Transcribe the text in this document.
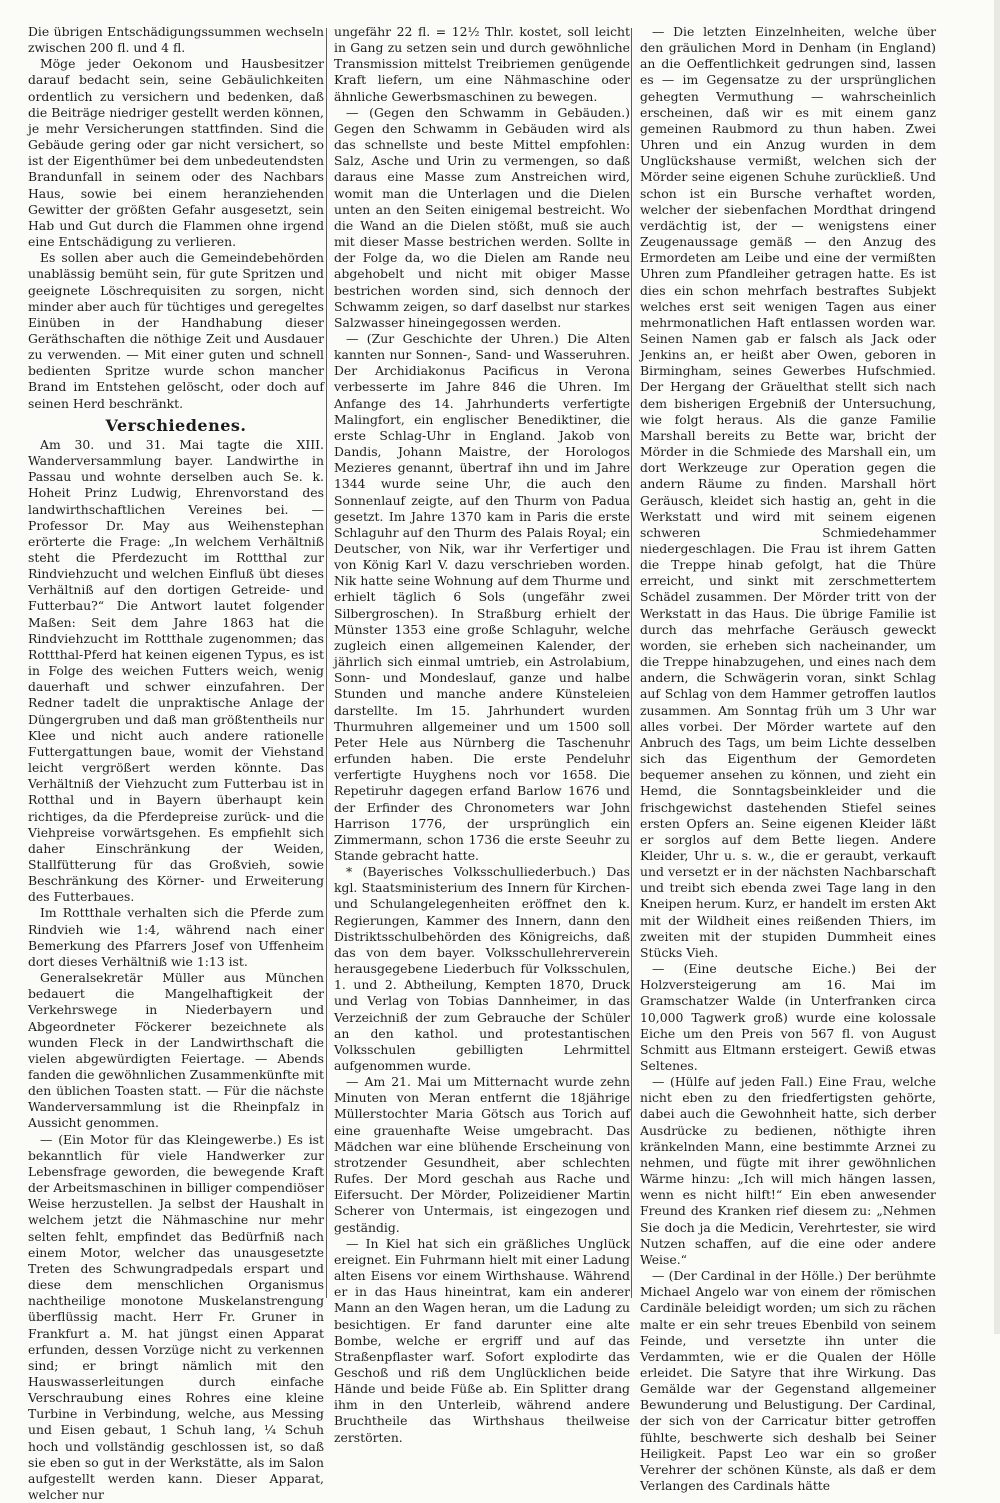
Die übrigen Entschädigungssummen wechseln zwischen 200 fl. und 4 fl.

Möge jeder Oekonom und Hausbesitzer darauf bedacht sein, seine Gebäulichkeiten ordentlich zu versichern und bedenken, daß die Beiträge niedriger gestellt werden können, je mehr Versicherungen stattfinden. Sind die Gebäude gering oder gar nicht versichert, so ist der Eigenthümer bei dem unbedeutendsten Brandunfall in seinem oder des Nachbars Haus, sowie bei einem heranziehenden Gewitter der größten Gefahr ausgesetzt, sein Hab und Gut durch die Flammen ohne irgend eine Entschädigung zu verlieren.

Es sollen aber auch die Gemeindebehörden unablässig bemüht sein, für gute Spritzen und geeignete Löschrequisiten zu sorgen, nicht minder aber auch für tüchtiges und geregeltes Einüben in der Handhabung dieser Geräthschaften die nöthige Zeit und Ausdauer zu verwenden. — Mit einer guten und schnell bedienten Spritze wurde schon mancher Brand im Entstehen gelöscht, oder doch auf seinen Herd beschränkt.

Verschiedenes.

Am 30. und 31. Mai tagte die XIII. Wanderversammlung bayer. Landwirthe in Passau und wohnte derselben auch Se. k. Hoheit Prinz Ludwig, Ehrenvorstand des landwirthschaftlichen Vereines bei. — Professor Dr. May aus Weihenstephan erörterte die Frage: „In welchem Verhältniß steht die Pferdezucht im Rottthal zur Rindviehzucht und welchen Einfluß übt dieses Verhältniß auf den dortigen Getreide- und Futterbau?“ Die Antwort lautet folgender Maßen: Seit dem Jahre 1863 hat die Rindviehzucht im Rottthale zugenommen; das Rottthal-Pferd hat keinen eigenen Typus, es ist in Folge des weichen Futters weich, wenig dauerhaft und schwer einzufahren. Der Redner tadelt die unpraktische Anlage der Düngergruben und daß man größtentheils nur Klee und nicht auch andere rationelle Futtergattungen baue, womit der Viehstand leicht vergrößert werden könnte. Das Verhältniß der Viehzucht zum Futterbau ist in Rotthal und in Bayern überhaupt kein richtiges, da die Pferdepreise zurück- und die Viehpreise vorwärtsgehen. Es empfiehlt sich daher Einschränkung der Weiden, Stallfütterung für das Großvieh, sowie Beschränkung des Körner- und Erweiterung des Futterbaues.

Im Rottthale verhalten sich die Pferde zum Rindvieh wie 1:4, während nach einer Bemerkung des Pfarrers Josef von Uffenheim dort dieses Verhältniß wie 1:13 ist.

Generalsekretär Müller aus München bedauert die Mangelhaftigkeit der Verkehrswege in Niederbayern und Abgeordneter Föckerer bezeichnete als wunden Fleck in der Landwirthschaft die vielen abgewürdigten Feiertage. — Abends fanden die gewöhnlichen Zusammenkünfte mit den üblichen Toasten statt. — Für die nächste Wanderversammlung ist die Rheinpfalz in Aussicht genommen.

— (Ein Motor für das Kleingewerbe.) Es ist bekanntlich für viele Handwerker zur Lebensfrage geworden, die bewegende Kraft der Arbeitsmaschinen in billiger compendiöser Weise herzustellen. Ja selbst der Haushalt in welchem jetzt die Nähmaschine nur mehr selten fehlt, empfindet das Bedürfniß nach einem Motor, welcher das unausgesetzte Treten des Schwungradpedals erspart und diese dem menschlichen Organismus nachtheilige monotone Muskelanstrengung überflüssig macht. Herr Fr. Gruner in Frankfurt a. M. hat jüngst einen Apparat erfunden, dessen Vorzüge nicht zu verkennen sind; er bringt nämlich mit den Hauswasserleitungen durch einfache Verschraubung eines Rohres eine kleine Turbine in Verbindung, welche, aus Messing und Eisen gebaut, 1 Schuh lang, ¼ Schuh hoch und vollständig geschlossen ist, so daß sie eben so gut in der Werkstätte, als im Salon aufgestellt werden kann. Dieser Apparat, welcher nur

ungefähr 22 fl. = 12½ Thlr. kostet, soll leicht in Gang zu setzen sein und durch gewöhnliche Transmission mittelst Treibriemen genügende Kraft liefern, um eine Nähmaschine oder ähnliche Gewerbsmaschinen zu bewegen.

— (Gegen den Schwamm in Gebäuden.) Gegen den Schwamm in Gebäuden wird als das schnellste und beste Mittel empfohlen: Salz, Asche und Urin zu vermengen, so daß daraus eine Masse zum Anstreichen wird, womit man die Unterlagen und die Dielen unten an den Seiten einigemal bestreicht. Wo die Wand an die Dielen stößt, muß sie auch mit dieser Masse bestrichen werden. Sollte in der Folge da, wo die Dielen am Rande neu abgehobelt und nicht mit obiger Masse bestrichen worden sind, sich dennoch der Schwamm zeigen, so darf daselbst nur starkes Salzwasser hineingegossen werden.

— (Zur Geschichte der Uhren.) Die Alten kannten nur Sonnen-, Sand- und Wasseruhren. Der Archidiakonus Pacificus in Verona verbesserte im Jahre 846 die Uhren. Im Anfange des 14. Jahrhunderts verfertigte Malingfort, ein englischer Benediktiner, die erste Schlag-Uhr in England. Jakob von Dandis, Johann Maistre, der Horologos Mezieres genannt, übertraf ihn und im Jahre 1344 wurde seine Uhr, die auch den Sonnenlauf zeigte, auf den Thurm von Padua gesetzt. Im Jahre 1370 kam in Paris die erste Schlaguhr auf den Thurm des Palais Royal; ein Deutscher, von Nik, war ihr Verfertiger und von König Karl V. dazu verschrieben worden. Nik hatte seine Wohnung auf dem Thurme und erhielt täglich 6 Sols (ungefähr zwei Silbergroschen). In Straßburg erhielt der Münster 1353 eine große Schlaguhr, welche zugleich einen allgemeinen Kalender, der jährlich sich einmal umtrieb, ein Astrolabium, Sonn- und Mondeslauf, ganze und halbe Stunden und manche andere Künsteleien darstellte. Im 15. Jahrhundert wurden Thurmuhren allgemeiner und um 1500 soll Peter Hele aus Nürnberg die Taschenuhr erfunden haben. Die erste Pendeluhr verfertigte Huyghens noch vor 1658. Die Repetiruhr dagegen erfand Barlow 1676 und der Erfinder des Chronometers war John Harrison 1776, der ursprünglich ein Zimmermann, schon 1736 die erste Seeuhr zu Stande gebracht hatte.

* (Bayerisches Volksschulliederbuch.) Das kgl. Staatsministerium des Innern für Kirchen- und Schulangelegenheiten eröffnet den k. Regierungen, Kammer des Innern, dann den Distriktsschulbehörden des Königreichs, daß das von dem bayer. Volksschullehrerverein herausgegebene Liederbuch für Volksschulen, 1. und 2. Abtheilung, Kempten 1870, Druck und Verlag von Tobias Dannheimer, in das Verzeichniß der zum Gebrauche der Schüler an den kathol. und protestantischen Volksschulen gebilligten Lehrmittel aufgenommen wurde.

— Am 21. Mai um Mitternacht wurde zehn Minuten von Meran entfernt die 18jährige Müllerstochter Maria Götsch aus Torich auf eine grauenhafte Weise umgebracht. Das Mädchen war eine blühende Erscheinung von strotzender Gesundheit, aber schlechten Rufes. Der Mord geschah aus Rache und Eifersucht. Der Mörder, Polizeidiener Martin Scherer von Untermais, ist eingezogen und geständig.

— In Kiel hat sich ein gräßliches Unglück ereignet. Ein Fuhrmann hielt mit einer Ladung alten Eisens vor einem Wirthshause. Während er in das Haus hineintrat, kam ein anderer Mann an den Wagen heran, um die Ladung zu besichtigen. Er fand darunter eine alte Bombe, welche er ergriff und auf das Straßenpflaster warf. Sofort explodirte das Geschoß und riß dem Unglücklichen beide Hände und beide Füße ab. Ein Splitter drang ihm in den Unterleib, während andere Bruchtheile das Wirthshaus theilweise zerstörten.

— Die letzten Einzelnheiten, welche über den gräulichen Mord in Denham (in England) an die Oeffentlichkeit gedrungen sind, lassen es — im Gegensatze zu der ursprünglichen gehegten Vermuthung — wahrscheinlich erscheinen, daß wir es mit einem ganz gemeinen Raubmord zu thun haben. Zwei Uhren und ein Anzug wurden in dem Unglückshause vermißt, welchen sich der Mörder seine eigenen Schuhe zurückließ. Und schon ist ein Bursche verhaftet worden, welcher der siebenfachen Mordthat dringend verdächtig ist, der — wenigstens einer Zeugenaussage gemäß — den Anzug des Ermordeten am Leibe und eine der vermißten Uhren zum Pfandleiher getragen hatte. Es ist dies ein schon mehrfach bestraftes Subjekt welches erst seit wenigen Tagen aus einer mehrmonatlichen Haft entlassen worden war. Seinen Namen gab er falsch als Jack oder Jenkins an, er heißt aber Owen, geboren in Birmingham, seines Gewerbes Hufschmied. Der Hergang der Gräuelthat stellt sich nach dem bisherigen Ergebniß der Untersuchung, wie folgt heraus. Als die ganze Familie Marshall bereits zu Bette war, bricht der Mörder in die Schmiede des Marshall ein, um dort Werkzeuge zur Operation gegen die andern Räume zu finden. Marshall hört Geräusch, kleidet sich hastig an, geht in die Werkstatt und wird mit seinem eigenen schweren Schmiedehammer niedergeschlagen. Die Frau ist ihrem Gatten die Treppe hinab gefolgt, hat die Thüre erreicht, und sinkt mit zerschmettertem Schädel zusammen. Der Mörder tritt von der Werkstatt in das Haus. Die übrige Familie ist durch das mehrfache Geräusch geweckt worden, sie erheben sich nacheinander, um die Treppe hinabzugehen, und eines nach dem andern, die Schwägerin voran, sinkt Schlag auf Schlag von dem Hammer getroffen lautlos zusammen. Am Sonntag früh um 3 Uhr war alles vorbei. Der Mörder wartete auf den Anbruch des Tags, um beim Lichte desselben sich das Eigenthum der Gemordeten bequemer ansehen zu können, und zieht ein Hemd, die Sonntagsbeinkleider und die frischgewichst dastehenden Stiefel seines ersten Opfers an. Seine eigenen Kleider läßt er sorglos auf dem Bette liegen. Andere Kleider, Uhr u. s. w., die er geraubt, verkauft und versetzt er in der nächsten Nachbarschaft und treibt sich ebenda zwei Tage lang in den Kneipen herum. Kurz, er handelt im ersten Akt mit der Wildheit eines reißenden Thiers, im zweiten mit der stupiden Dummheit eines Stücks Vieh.

— (Eine deutsche Eiche.) Bei der Holzversteigerung am 16. Mai im Gramschatzer Walde (in Unterfranken circa 10,000 Tagwerk groß) wurde eine kolossale Eiche um den Preis von 567 fl. von August Schmitt aus Eltmann ersteigert. Gewiß etwas Seltenes.

— (Hülfe auf jeden Fall.) Eine Frau, welche nicht eben zu den friedfertigsten gehörte, dabei auch die Gewohnheit hatte, sich derber Ausdrücke zu bedienen, nöthigte ihren kränkelnden Mann, eine bestimmte Arznei zu nehmen, und fügte mit ihrer gewöhnlichen Wärme hinzu: „Ich will mich hängen lassen, wenn es nicht hilft!“ Ein eben anwesender Freund des Kranken rief diesem zu: „Nehmen Sie doch ja die Medicin, Verehrtester, sie wird Nutzen schaffen, auf die eine oder andere Weise.“

— (Der Cardinal in der Hölle.) Der berühmte Michael Angelo war von einem der römischen Cardinäle beleidigt worden; um sich zu rächen malte er ein sehr treues Ebenbild von seinem Feinde, und versetzte ihn unter die Verdammten, wie er die Qualen der Hölle erleidet. Die Satyre that ihre Wirkung. Das Gemälde war der Gegenstand allgemeiner Bewunderung und Belustigung. Der Cardinal, der sich von der Carricatur bitter getroffen fühlte, beschwerte sich deshalb bei Seiner Heiligkeit. Papst Leo war ein so großer Verehrer der schönen Künste, als daß er dem Verlangen des Cardinals hätte
